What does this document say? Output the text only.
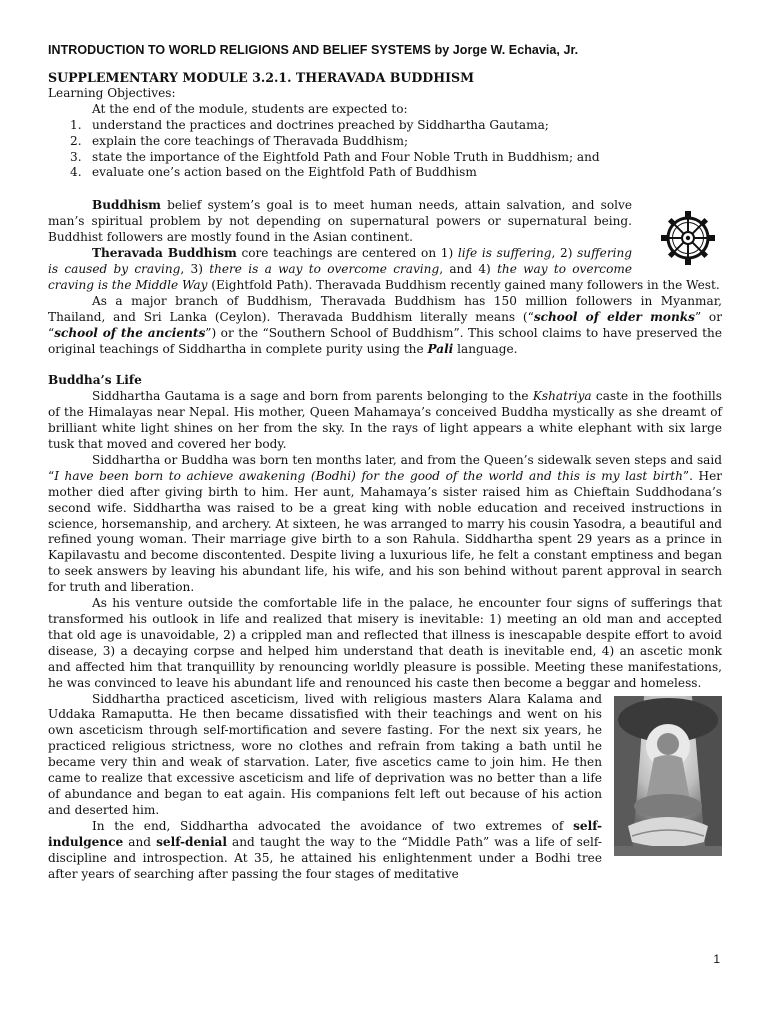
INTRODUCTION TO WORLD RELIGIONS AND BELIEF SYSTEMS by Jorge W. Echavia, Jr.

SUPPLEMENTARY MODULE 3.2.1. THERAVADA BUDDHISM

Learning Objectives:

At the end of the module, students are expected to:

1. understand the practices and doctrines preached by Siddhartha Gautama;
2. explain the core teachings of Theravada Buddhism;
3. state the importance of the Eightfold Path and Four Noble Truth in Buddhism; and
4. evaluate one’s action based on the Eightfold Path of Buddhism

Buddhism belief system’s goal is to meet human needs, attain salvation, and solve man’s spiritual problem by not depending on supernatural powers or supernatural being. Buddhist followers are mostly found in the Asian continent.

Theravada Buddhism core teachings are centered on 1) life is suffering, 2) suffering is caused by craving, 3) there is a way to overcome craving, and 4) the way to overcome craving is the Middle Way (Eightfold Path). Theravada Buddhism recently gained many followers in the West.

As a major branch of Buddhism, Theravada Buddhism has 150 million followers in Myanmar, Thailand, and Sri Lanka (Ceylon). Theravada Buddhism literally means (“school of elder monks” or “school of the ancients”) or the “Southern School of Buddhism”. This school claims to have preserved the original teachings of Siddhartha in complete purity using the Pali language.

Buddha’s Life

Siddhartha Gautama is a sage and born from parents belonging to the Kshatriya caste in the foothills of the Himalayas near Nepal. His mother, Queen Mahamaya’s conceived Buddha mystically as she dreamt of brilliant white light shines on her from the sky. In the rays of light appears a white elephant with six large tusk that moved and covered her body.

Siddhartha or Buddha was born ten months later, and from the Queen’s sidewalk seven steps and said “I have been born to achieve awakening (Bodhi) for the good of the world and this is my last birth”. Her mother died after giving birth to him. Her aunt, Mahamaya’s sister raised him as Chieftain Suddhodana’s second wife. Siddhartha was raised to be a great king with noble education and received instructions in science, horsemanship, and archery. At sixteen, he was arranged to marry his cousin Yasodra, a beautiful and refined young woman. Their marriage give birth to a son Rahula. Siddhartha spent 29 years as a prince in Kapilavastu and become discontented. Despite living a luxurious life, he felt a constant emptiness and began to seek answers by leaving his abundant life, his wife, and his son behind without parent approval in search for truth and liberation.

As his venture outside the comfortable life in the palace, he encounter four signs of sufferings that transformed his outlook in life and realized that misery is inevitable: 1) meeting an old man and accepted that old age is unavoidable, 2) a crippled man and reflected that illness is inescapable despite effort to avoid disease, 3) a decaying corpse and helped him understand that death is inevitable end, 4) an ascetic monk and affected him that tranquillity by renouncing worldly pleasure is possible. Meeting these manifestations, he was convinced to leave his abundant life and renounced his caste then become a beggar and homeless.

Siddhartha practiced asceticism, lived with religious masters Alara Kalama and Uddaka Ramaputta. He then became dissatisfied with their teachings and went on his own asceticism through self-mortification and severe fasting. For the next six years, he practiced religious strictness, wore no clothes and refrain from taking a bath until he became very thin and weak of starvation. Later, five ascetics came to join him. He then came to realize that excessive asceticism and life of deprivation was no better than a life of abundance and began to eat again. His companions felt left out because of his action and deserted him.

In the end, Siddhartha advocated the avoidance of two extremes of self-indulgence and self-denial and taught the way to the “Middle Path” was a life of self-discipline and introspection. At 35, he attained his enlightenment under a Bodhi tree after years of searching after passing the four stages of meditative

1
